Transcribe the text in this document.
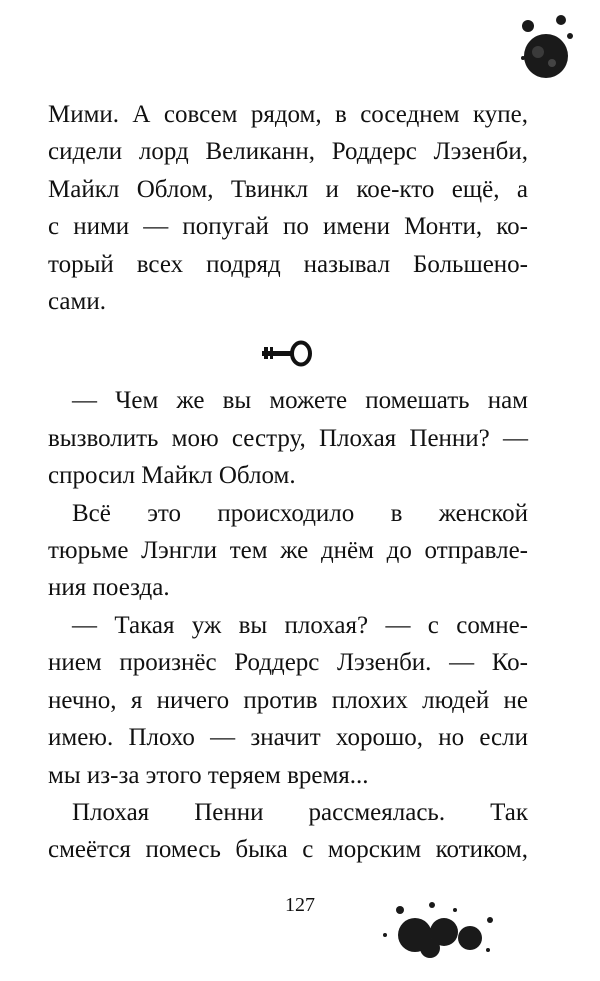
Мими. А совсем рядом, в соседнем купе,
сидели лорд Великанн, Роддерс Лэзенби,
Майкл Облом, Твинкл и кое-кто ещё, а
с ними — попугай по имени Монти, ко-
торый всех подряд называл Большено-
сами.

— Чем же вы можете помешать нам
вызволить мою сестру, Плохая Пенни? —
спросил Майкл Облом.

Всё это происходило в женской
тюрьме Лэнгли тем же днём до отправле-
ния поезда.

— Такая уж вы плохая? — с сомне-
нием произнёс Роддерс Лэзенби. — Ко-
нечно, я ничего против плохих людей не
имею. Плохо — значит хорошо, но если
мы из-за этого теряем время...

Плохая Пенни рассмеялась. Так
смеётся помесь быка с морским котиком,

127
